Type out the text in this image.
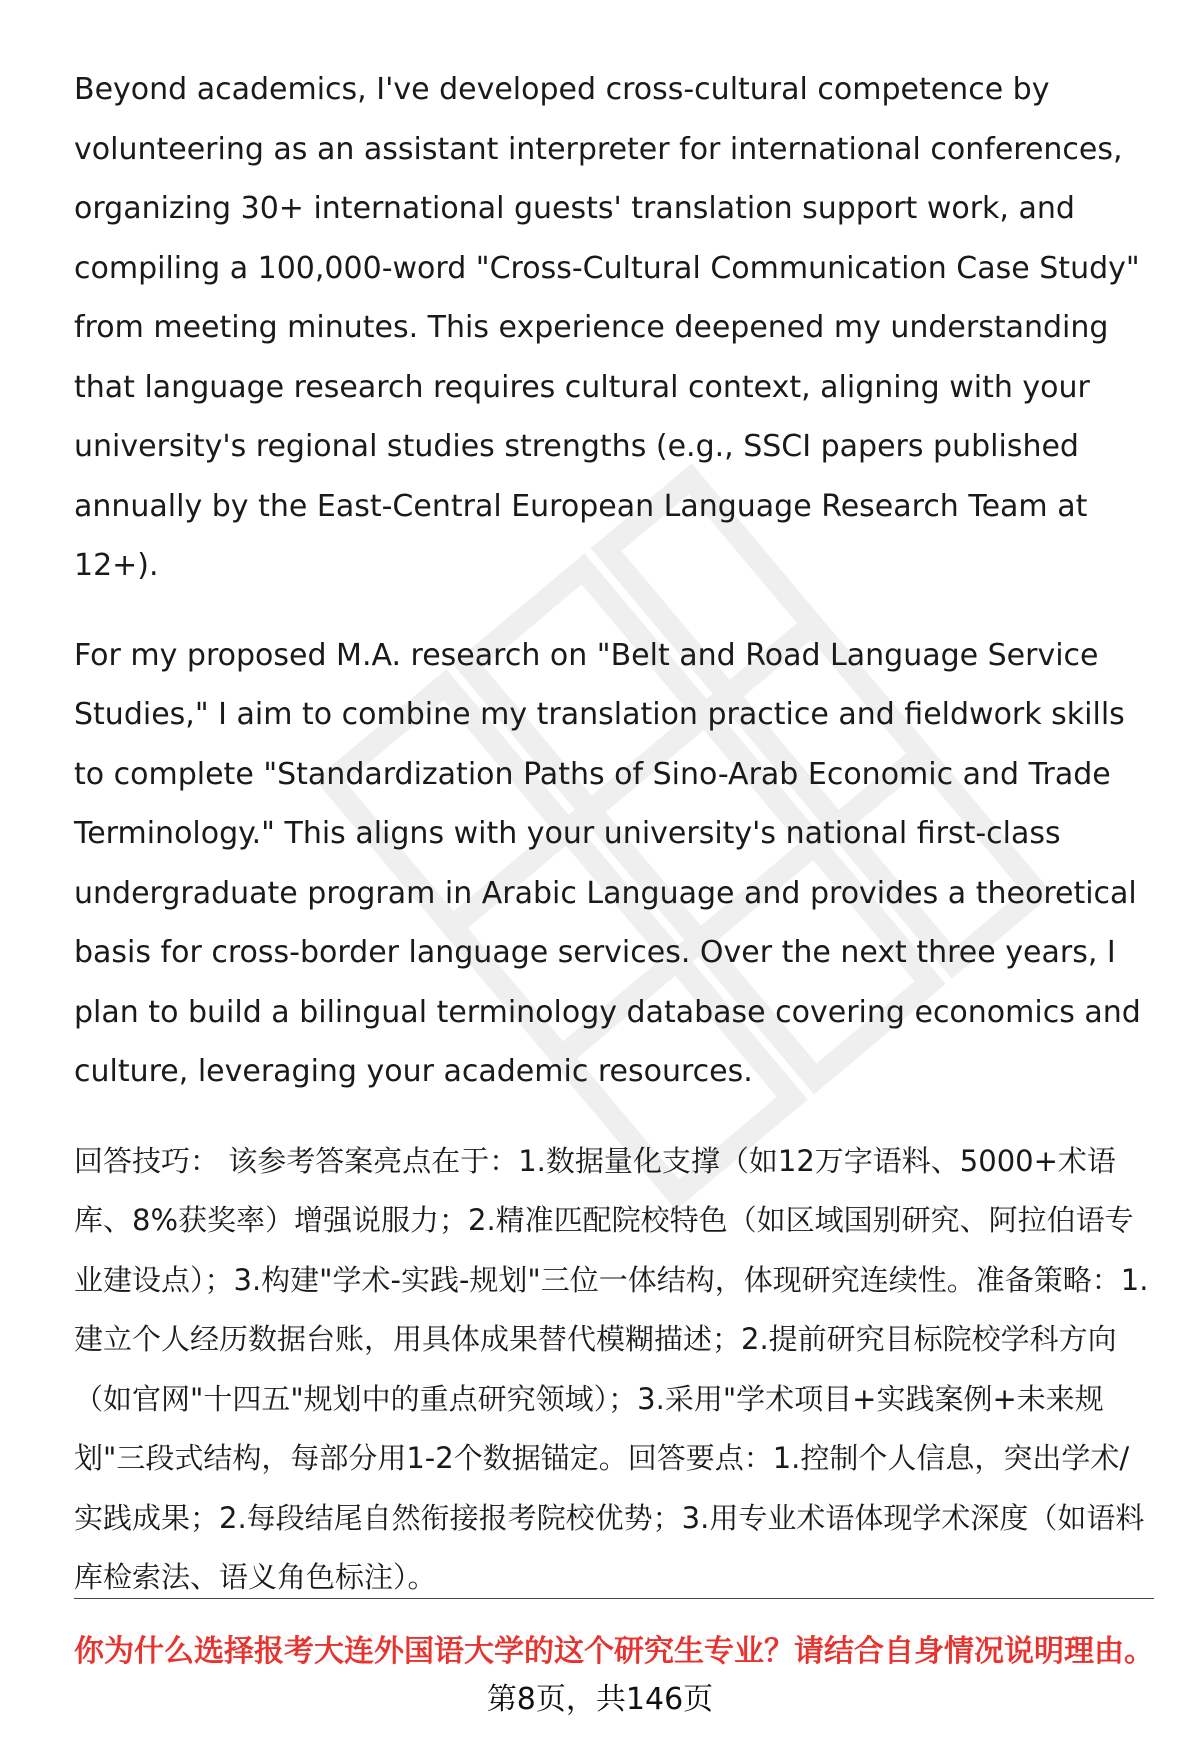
Beyond academics, I've developed cross-cultural competence by volunteering as an assistant interpreter for international conferences, organizing 30+ international guests' translation support work, and compiling a 100,000-word "Cross-Cultural Communication Case Study" from meeting minutes. This experience deepened my understanding that language research requires cultural context, aligning with your university's regional studies strengths (e.g., SSCI papers published annually by the East-Central European Language Research Team at 12+).

For my proposed M.A. research on "Belt and Road Language Service Studies," I aim to combine my translation practice and fieldwork skills to complete "Standardization Paths of Sino-Arab Economic and Trade Terminology." This aligns with your university's national first-class undergraduate program in Arabic Language and provides a theoretical basis for cross-border language services. Over the next three years, I plan to build a bilingual terminology database covering economics and culture, leveraging your academic resources.

回答技巧： 该参考答案亮点在于：1.数据量化支撑（如12万字语料、5000+术语库、8%获奖率）增强说服力；2.精准匹配院校特色（如区域国别研究、阿拉伯语专业建设点）；3.构建"学术-实践-规划"三位一体结构，体现研究连续性。准备策略：1.建立个人经历数据台账，用具体成果替代模糊描述；2.提前研究目标院校学科方向（如官网"十四五"规划中的重点研究领域）；3.采用"学术项目+实践案例+未来规划"三段式结构，每部分用1-2个数据锚定。回答要点：1.控制个人信息，突出学术/实践成果；2.每段结尾自然衔接报考院校优势；3.用专业术语体现学术深度（如语料库检索法、语义角色标注）。

你为什么选择报考大连外国语大学的这个研究生专业？请结合自身情况说明理由。
第8页，共146页
